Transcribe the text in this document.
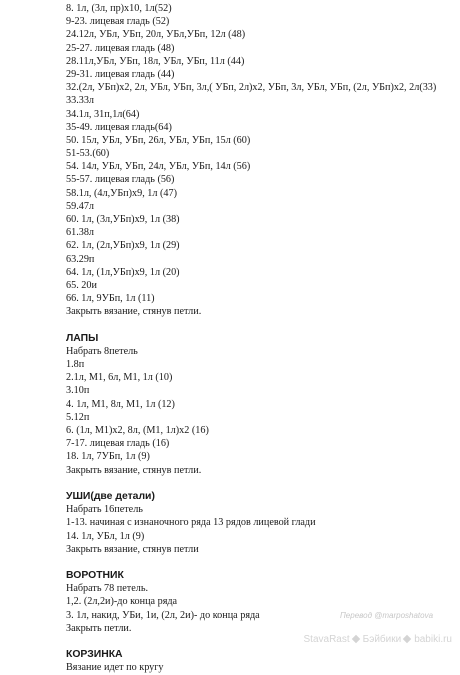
8. 1л, (3л, пр)х10, 1л(52)
9-23. лицевая гладь (52)
24.12л, УБл, УБп, 20л, УБл,УБп, 12л (48)
25-27. лицевая гладь (48)
28.11л,УБл, УБп, 18л, УБл, УБп, 11л (44)
29-31. лицевая гладь (44)
32.(2л, УБп)х2, 2л, УБл, УБп, 3л,( УБп, 2л)х2, УБп, 3л, УБл, УБп, (2л, УБп)х2, 2л(33)
33.33л
34.1л, 31п,1л(64)
35-49. лицевая гладь(64)
50. 15л, УБл, УБп, 26л, УБл, УБп, 15л (60)
51-53.(60)
54. 14л, УБл, УБп, 24л, УБл, УБп, 14л (56)
55-57. лицевая гладь (56)
58.1л, (4л,УБп)х9, 1л (47)
59.47л
60. 1л, (3л,УБп)х9, 1л (38)
61.38л
62. 1л, (2л,УБп)х9, 1л (29)
63.29п
64. 1л, (1л,УБп)х9, 1л (20)
65. 20и
66. 1л, 9УБп, 1л (11)
Закрыть вязание, стянув петли.
ЛАПЫ
Набрать 8петель
1.8п
2.1л, М1, 6л, М1, 1л (10)
3.10п
4. 1л, М1, 8л, М1, 1л (12)
5.12п
6. (1л, М1)х2, 8л, (М1, 1л)х2 (16)
7-17. лицевая гладь (16)
18. 1л, 7УБп, 1л (9)
Закрыть вязание, стянув петли.
УШИ(две детали)
Набрать 16петель
1-13. начиная с изнаночного ряда 13 рядов лицевой глади
14. 1л, УБл, 1л (9)
Закрыть вязание, стянув петли
ВОРОТНИК
Набрать 78 петель.
1,2. (2л,2и)-до конца ряда
3. 1л, накид, УБи, 1и, (2л, 2и)- до конца ряда
Закрыть петли.
КОРЗИНКА
Вязание идет по кругу
Перевод @marposhatova
StavaRast Бэйбики babiki.ru
